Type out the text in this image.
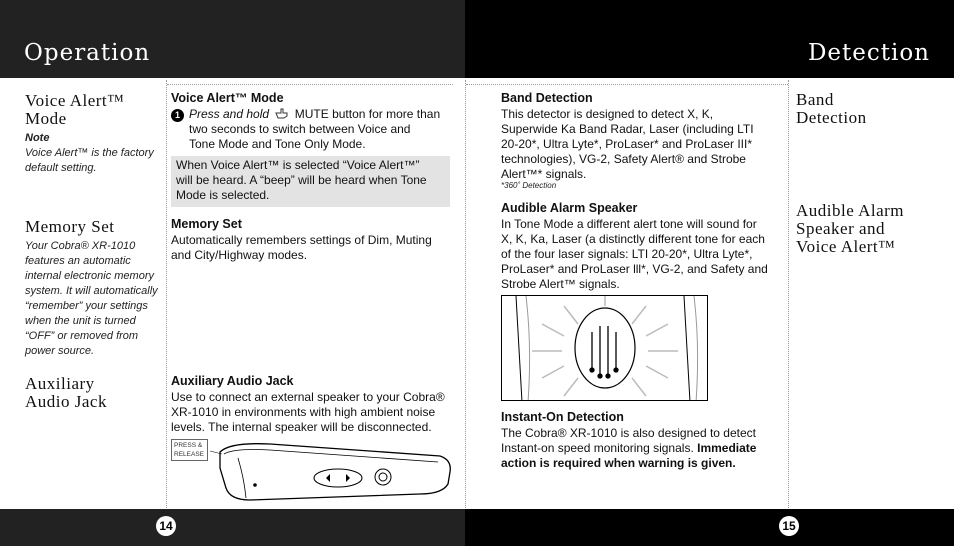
Operation	Detection
14	15
Voice Alert™
Mode
Note
Voice Alert™ is the factory
default setting.
Memory Set
Your Cobra® XR-1010
features an automatic
internal electronic memory
system. It will automatically
“remember” your settings
when the unit is turned
“OFF” or removed from
power source.
Auxiliary
Audio Jack
Voice Alert™ Mode
1 Press and hold MUTE button for more than
two seconds to switch between Voice and
Tone Mode and Tone Only Mode.
When Voice Alert™ is selected “Voice Alert™”
will be heard. A “beep” will be heard when Tone
Mode is selected.
Memory Set
Automatically remembers settings of Dim, Muting
and City/Highway modes.
Auxiliary Audio Jack
Use to connect an external speaker to your Cobra®
XR-1010 in environments with high ambient noise
levels. The internal speaker will be disconnected.
PRESS &
RELEASE
Band Detection
This detector is designed to detect X, K,
Superwide Ka Band Radar, Laser (including LTI
20-20*, Ultra Lyte*, ProLaser* and ProLaser III*
technologies), VG-2, Safety Alert® and Strobe
Alert™* signals.
*360˚ Detection
Audible Alarm Speaker
In Tone Mode a different alert tone will sound for
X, K, Ka, Laser (a distinctly different tone for each
of the four laser signals: LTI 20-20*, Ultra Lyte*,
ProLaser* and ProLaser lll*, VG-2, and Safety and
Strobe Alert™ signals.
Instant-On Detection
The Cobra® XR-1010 is also designed to detect
Instant-on speed monitoring signals. Immediate
action is required when warning is given.
Band
Detection
Audible Alarm
Speaker and
Voice Alert™
